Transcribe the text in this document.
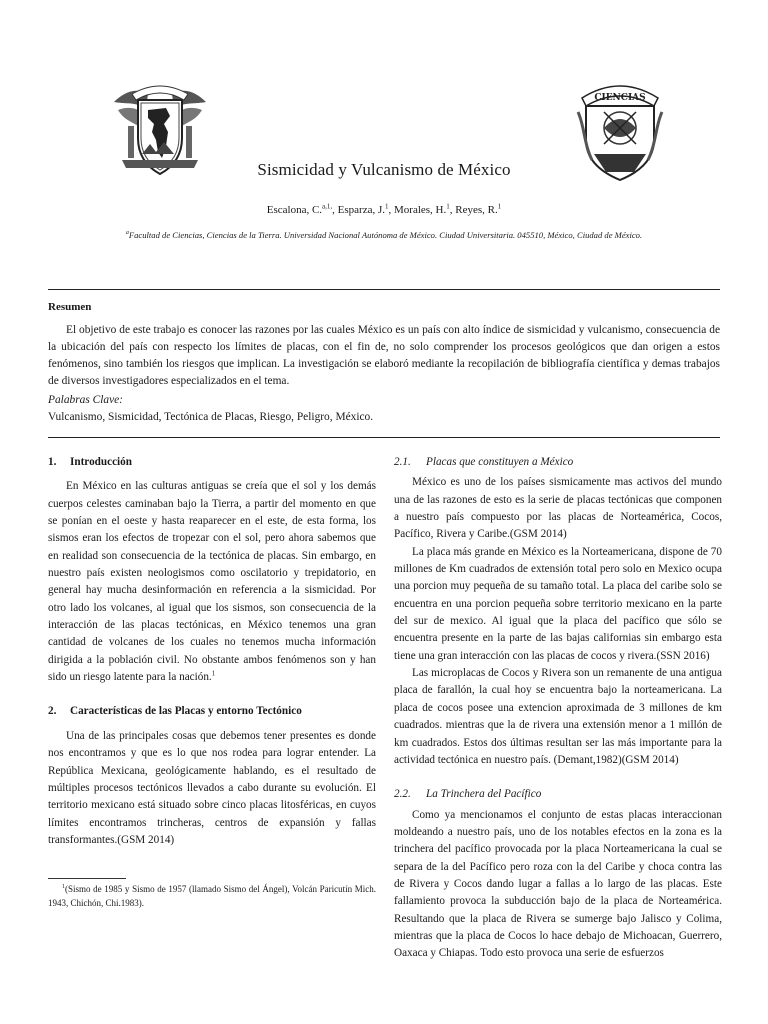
CIENCIAS
Sismicidad y Vulcanismo de México
Escalona, C.$^{a,1,}$, Esparza, J.$^1$, Morales, H.$^1$, Reyes, R.$^1$
$^a$Facultad de Ciencias, Ciencias de la Tierra. Universidad Nacional Autónoma de México. Ciudad Universitaria. 045510, México, Ciudad de México.
Resumen

El objetivo de este trabajo es conocer las razones por las cuales México es un país con alto índice de sismicidad y vulcanismo, consecuencia de la ubicación del país con respecto los límites de placas, con el fin de, no solo comprender los procesos geológicos que dan origen a estos fenómenos, sino también los riesgos que implican. La investigación se elaboró mediante la recopilación de bibliografía científica y demas trabajos de diversos investigadores especializados en el tema.

Palabras Clave:
Vulcanismo, Sismicidad, Tectónica de Placas, Riesgo, Peligro, México.
1. Introducción

En México en las culturas antiguas se creía que el sol y los demás cuerpos celestes caminaban bajo la Tierra, a partir del momento en que se ponían en el oeste y hasta reaparecer en el este, de esta forma, los sismos eran los efectos de tropezar con el sol, pero ahora sabemos que en realidad son consecuencia de la tectónica de placas. Sin embargo, en nuestro país existen neologismos como oscilatorio y trepidatorio, en general hay mucha desinformación en referencia a la sismicidad. Por otro lado los volcanes, al igual que los sismos, son consecuencia de la interacción de las placas tectónicas, en México tenemos una gran cantidad de volcanes de los cuales no tenemos mucha información dirigida a la población civil. No obstante ambos fenómenos son y han sido un riesgo latente para la nación.$^1$

2. Características de las Placas y entorno Tectónico

Una de las principales cosas que debemos tener presentes es donde nos encontramos y que es lo que nos rodea para lograr entender. La República Mexicana, geológicamente hablando, es el resultado de múltiples procesos tectónicos llevados a cabo durante su evolución. El territorio mexicano está situado sobre cinco placas litosféricas, en cuyos límites encontramos trincheras, centros de expansión y fallas transformantes.(GSM 2014)

$^1$(Sismo de 1985 y Sismo de 1957 (llamado Sismo del Ángel), Volcán Paricutín Mich. 1943, Chichón, Chi.1983).

2.1. Placas que constituyen a México

México es uno de los países sismicamente mas activos del mundo una de las razones de esto es la serie de placas tectónicas que componen a nuestro país compuesto por las placas de Norteamérica, Cocos, Pacífico, Rivera y Caribe.(GSM 2014)

La placa más grande en México es la Norteamericana, dispone de 70 millones de Km cuadrados de extensión total pero solo en Mexico ocupa una porcion muy pequeña de su tamaño total. La placa del caribe solo se encuentra en una porcion pequeña sobre territorio mexicano en la parte del sur de mexico. Al igual que la placa del pacífico que sólo se encuentra presente en la parte de las bajas californias sin embargo esta tiene una gran interacción con las placas de cocos y rivera.(SSN 2016)

Las microplacas de Cocos y Rivera son un remanente de una antigua placa de farallón, la cual hoy se encuentra bajo la norteamericana. La placa de cocos posee una extencion aproximada de 3 millones de km cuadrados. mientras que la de rivera una extensión menor a 1 millón de km cuadrados. Estos dos últimas resultan ser las más importante para la actividad tectónica en nuestro país. (Demant,1982)(GSM 2014)

2.2. La Trinchera del Pacífico

Como ya mencionamos el conjunto de estas placas interaccionan moldeando a nuestro país, uno de los notables efectos en la zona es la trinchera del pacífico provocada por la placa Norteamericana la cual se separa de la del Pacífico pero roza con la del Caribe y choca contra las de Rivera y Cocos dando lugar a fallas a lo largo de las placas. Este fallamiento provoca la subducción bajo de la placa de Norteamérica. Resultando que la placa de Rivera se sumerge bajo Jalisco y Colima, mientras que la placa de Cocos lo hace debajo de Michoacan, Guerrero, Oaxaca y Chiapas. Todo esto provoca una serie de esfuerzos
